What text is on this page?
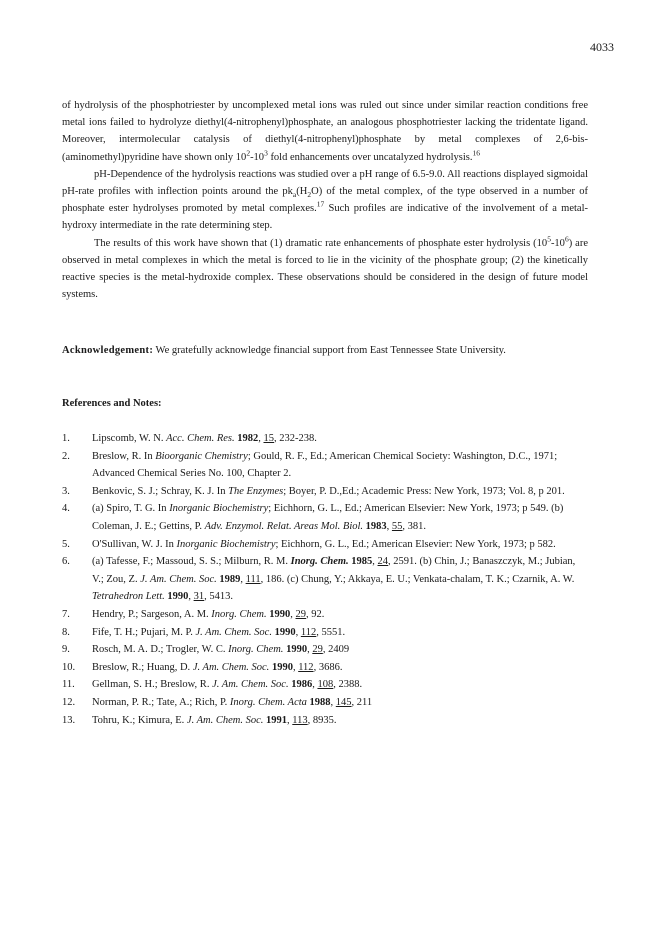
4033

of hydrolysis of the phosphotriester by uncomplexed metal ions was ruled out since under similar reaction conditions free metal ions failed to hydrolyze diethyl(4-nitrophenyl)phosphate, an analogous phosphotriester lacking the tridentate ligand. Moreover, intermolecular catalysis of diethyl(4-nitrophenyl)phosphate by metal complexes of 2,6-bis-(aminomethyl)pyridine have shown only $10^2-10^3$ fold enhancements over uncatalyzed hydrolysis.$^{16}$

pH-Dependence of the hydrolysis reactions was studied over a pH range of 6.5-9.0. All reactions displayed sigmoidal pH-rate profiles with inflection points around the $pk_a(H_2O)$ of the metal complex, of the type observed in a number of phosphate ester hydrolyses promoted by metal complexes.$^{17}$ Such profiles are indicative of the involvement of a metal-hydroxy intermediate in the rate determining step.

The results of this work have shown that (1) dramatic rate enhancements of phosphate ester hydrolysis $(10^5-10^6)$ are observed in metal complexes in which the metal is forced to lie in the vicinity of the phosphate group; (2) the kinetically reactive species is the metal-hydroxide complex. These observations should be considered in the design of future model systems.

Acknowledgement: We gratefully acknowledge financial support from East Tennessee State University.
References and Notes:
1.	Lipscomb, W. N. Acc. Chem. Res. 1982, 15, 232-238.
2.	Breslow, R. In Bioorganic Chemistry; Gould, R. F., Ed.; American Chemical Society: Washington, D.C., 1971; Advanced Chemical Series No. 100, Chapter 2.
3.	Benkovic, S. J.; Schray, K. J. In The Enzymes; Boyer, P. D.,Ed.; Academic Press: New York, 1973; Vol. 8, p 201.
4.	(a) Spiro, T. G. In Inorganic Biochemistry; Eichhorn, G. L., Ed.; American Elsevier: New York, 1973; p 549. (b) Coleman, J. E.; Gettins, P. Adv. Enzymol. Relat. Areas Mol. Biol. 1983, 55, 381.
5.	O'Sullivan, W. J. In Inorganic Biochemistry; Eichhorn, G. L., Ed.; American Elsevier: New York, 1973; p 582.
6.	(a) Tafesse, F.; Massoud, S. S.; Milburn, R. M. Inorg. Chem. 1985, 24, 2591. (b) Chin, J.; Banaszczyk, M.; Jubian, V.; Zou, Z. J. Am. Chem. Soc. 1989, 111, 186. (c) Chung, Y.; Akkaya, E. U.; Venkata-chalam, T. K.; Czarnik, A. W. Tetrahedron Lett. 1990, 31, 5413.
7.	Hendry, P.; Sargeson, A. M. Inorg. Chem. 1990, 29, 92.
8.	Fife, T. H.; Pujari, M. P. J. Am. Chem. Soc. 1990, 112, 5551.
9.	Rosch, M. A. D.; Trogler, W. C. Inorg. Chem. 1990, 29, 2409
10.	Breslow, R.; Huang, D. J. Am. Chem. Soc. 1990, 112, 3686.
11.	Gellman, S. H.; Breslow, R. J. Am. Chem. Soc. 1986, 108, 2388.
12.	Norman, P. R.; Tate, A.; Rich, P. Inorg. Chem. Acta 1988, 145, 211
13.	Tohru, K.; Kimura, E. J. Am. Chem. Soc. 1991, 113, 8935.
